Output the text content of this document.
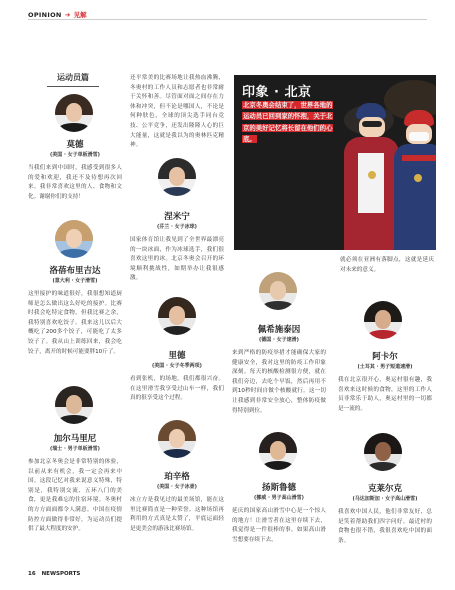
OPINION ➔ 见解
运动员篇
莫德
(美国 · 女子单板滑雪)
当我们来到中国时，我感受到很多人的爱和欢迎，我还不及待想再次回来。我非常喜欢这里的人、食物和文化。谢谢你们的支持！
洛蓓布里吉达
(意大利 · 女子滑雪)
这里接护的味道很好，我很想知道厨师是怎么做出这么好吃的接护。比赛时我会吃特定食物，但我比赛之余，我特别喜欢吃饺子。我来这儿以后大概吃了200多个饺子，可能吃了太多饺子了。我从山上训练回来，我会吃饺子，离开的时候可能要胖10斤了。
加尔马里尼
(瑞士 · 男子单板滑雪)
参加北京冬奥会是非常特别的体验，以前从来有机会，我一定会再来中国。这段记忆对我来说意义特殊，特别是，我特别交流、五环八门的美食，更是我难忘的住宿环境。冬奥村的方方面面都令人满意。中国在疫情防控方面做得非常好，为运动员们提供了最大程度的安护。
还平常美的比赛场地让我热血沸腾，冬奥村的工作人员和志愿者也非常耐于关怀和善。尽管面对面之间存在力体和冲突，但不论是哪国人，不论是何种肤色，全球的顶尖选手同台竞技、公平竞争，还发出隆隆人心的巨大能量，这就是我以为的奥林匹克精神。
涅米宁
(芬兰 · 女子冰球)
国家体育馆让我见到了全世界最漂亮的一块冰面，作为冰球选手，我们很喜欢这里的冰。北京冬奥会召开的环境顺利挑战性，如期举办让我很感激。
里德
(美国 · 女子冬季两项)
看到张机，的场地，我们都很兴奋。在这里滑雪我享受过山车一样，我们真的很享受这个过程。
珀辛格
(美国 · 女子冰壶)
冰立方是我见过的最美场馆，能在这里比赛简直是一种荣誉。这种场馆再利用的方式真是太赞了，平底运面轻是更美会的游泳比赛场馆。
印象 · 北京
北京冬奥会结束了，世界各地的运动员已回到家的怀抱，关于北京的美好记忆将长留在他们的心底。
就必须在亚洲有落脚点，这就是延庆对未来的意义。
佩希施泰因
(德国 · 女子速滑)
来到严格的防疫举措才能确保大家的健康安全，我对这里的防疫工作印象深刻。每天的核酸检测很方便，就在我们旁边，去吃个早饭，然后再用不到10秒时间自做个核酸就行。这一切让我感到非常安全放心，整体防疫做得特别到位。
扬斯鲁德
(挪威 · 男子高山滑雪)
延庆的国家高山滑雪中心是一个惊人的地方！让滑雪者在这里存续下去，我觉得是一件很棒的事。如果高山滑雪想要存续下去，
阿卡尔
(土耳其 · 男子短道速滑)
我在北京很开心，奥运村很有趣，我喜欢来这时候的食物，这里的工作人员非常乐于助人，奥运村里的一切都是一流的。
克莱尔克
(马达加斯加 · 女子高山滑雪)
我喜欢中国人民，他们非常友好，总是笑着帮助我们四字问好。最近村的食物也很不错，我很喜欢吃中国的面条。
16 NEWSPORTS
